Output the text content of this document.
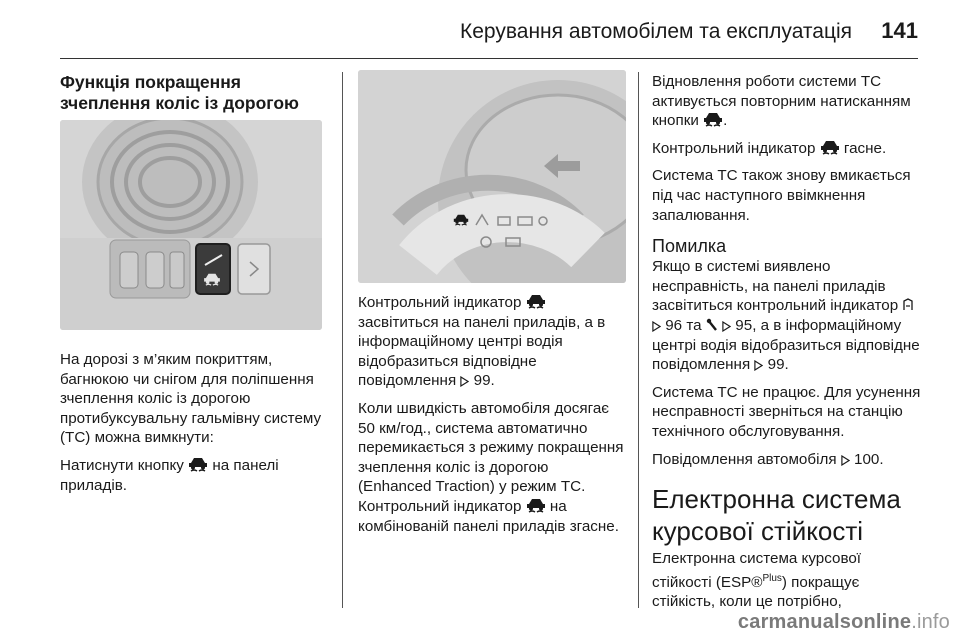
Керування автомобілем та експлуатація 141
Функція покращення зчеплення коліс із дорогою

На дорозі з м’яким покриттям, багнюкою чи снігом для поліпшення зчеплення коліс із дорогою протибуксувальну гальмівну систему (ТС) можна вимкнути:

Натиснути кнопку на панелі приладів.

Контрольний індикатор  засвітиться на панелі приладів, а в інформаційному центрі водія відобразиться відповідне повідомлення 99.

Коли швидкість автомобіля досягає 50 км/год., система автоматично перемикається з режиму покращення зчеплення коліс із дорогою (Enhanced Traction) у режим ТС. Контрольний індикатор на комбінованій панелі приладів згасне.

Відновлення роботи системи ТС активується повторним натисканням кнопки .

Контрольний індикатор гасне.

Система ТС також знову вмикається під час наступного ввімкнення запалювання.

Помилка

Якщо в системі виявлено несправність, на панелі приладів засвітиться контрольний індикатор   96 та 95, а в інформаційному центрі водія відобразиться відповідне повідомлення 99.

Система ТС не працює. Для усунення несправності зверніться на станцію технічного обслуговування.

Повідомлення автомобіля 100.

Електронна система курсової стійкості

Електронна система курсової стійкості (ESP®$^{Plus}$) покращує стійкість, коли це потрібно,

carmanualsonline.info
